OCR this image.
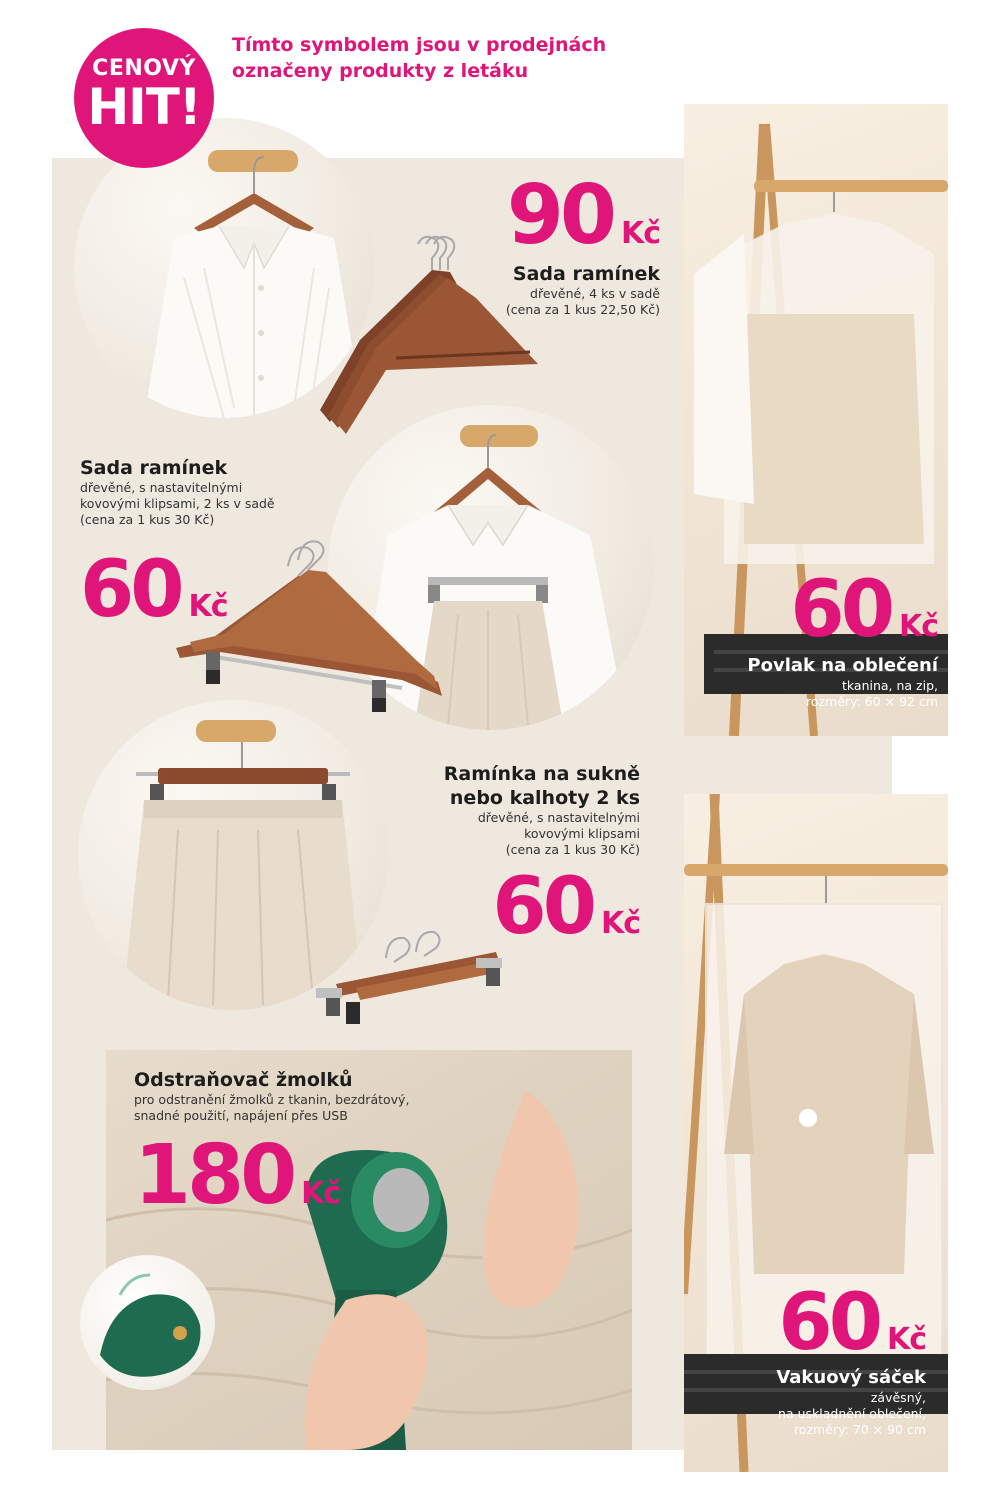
90 Kč
Sada ramínek
dřevěné, 4 ks v sadě
(cena za 1 kus 22,50 Kč)
Sada ramínek
dřevěné, s nastavitelnými
kovovými klipsami, 2 ks v sadě
(cena za 1 kus 30 Kč)
60 Kč
Ramínka na sukně
nebo kalhoty 2 ks
dřevěné, s nastavitelnými
kovovými klipsami
(cena za 1 kus 30 Kč)
60 Kč
Odstraňovač žmolků
pro odstranění žmolků z tkanin, bezdrátový,
snadné použití, napájení přes USB
180 Kč
60 Kč
Povlak na oblečení
tkanina, na zip,
rozměry: 60 × 92 cm
60 Kč
Vakuový sáček
závěsný,
na uskladnění oblečení,
rozměry: 70 × 90 cm
CENOVÝ
HIT!
Tímto symbolem jsou v prodejnách
označeny produkty z letáku
